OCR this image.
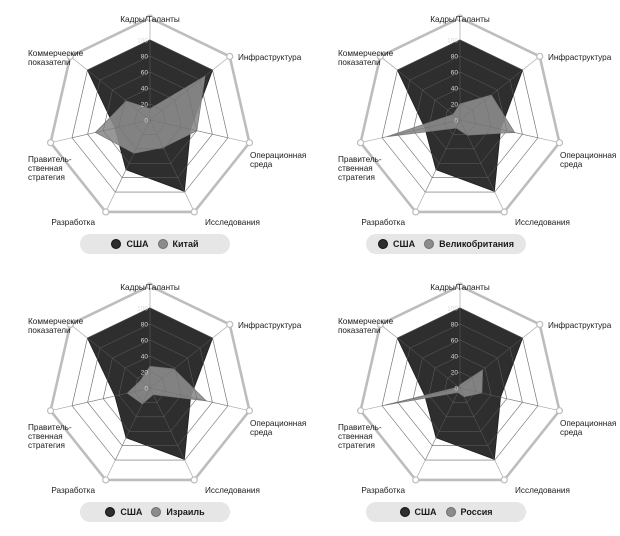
0
20
40
60
80
100
Кадры/Таланты
Инфраструктура
Операционная среда
Исследования
Разработка
Правитель-ственная стратегия
Коммерческие показатели
США	Китай
0
20
40
60
80
100
Кадры/Таланты
Инфраструктура
Операционная среда
Исследования
Разработка
Правитель-ственная стратегия
Коммерческие показатели
США	Великобритания
0
20
40
60
80
100
Кадры/Таланты
Инфраструктура
Операционная среда
Исследования
Разработка
Правитель-ственная стратегия
Коммерческие показатели
США	Израиль
0
20
40
60
80
100
Кадры/Таланты
Инфраструктура
Операционная среда
Исследования
Разработка
Правитель-ственная стратегия
Коммерческие показатели
США	Россия
